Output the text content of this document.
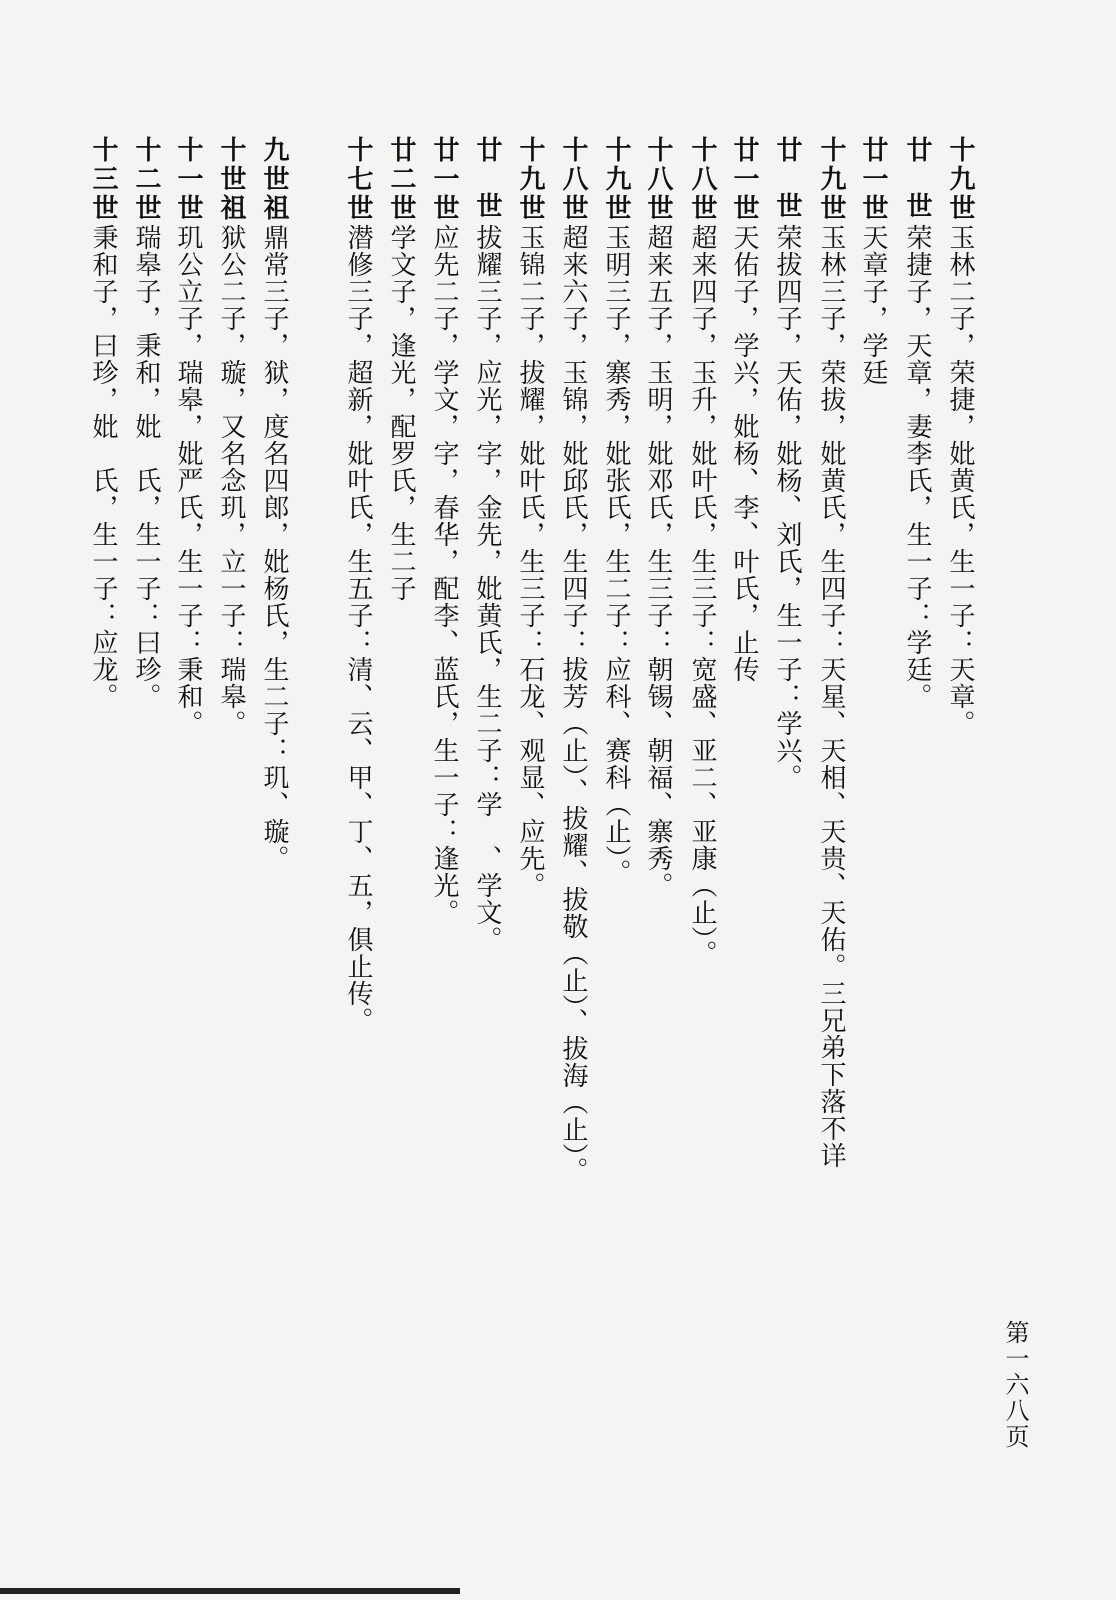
十九世玉林二子，荣捷，妣黄氏，生一子：天章。
廿世荣捷子，天章，妻李氏，生一子：学廷。
廿一世天章子，学廷
廿世荣拔四子，天佑，妣杨、刘氏，生一子：学兴。
十九世玉林三子，荣拔，妣黄氏，生四子：天星、天相、天贵、天佑。三兄弟下落不详
廿一世天佑子，学兴，妣杨、李、叶氏，止传
十八世超来四子，玉升，妣叶氏，生三子：宽盛、亚二、亚康（止）。
十八世超来五子，玉明，妣邓氏，生三子：朝锡、朝福、寨秀。
十九世玉明三子，寨秀，妣张氏，生二子：应科、赛科（止）。
十八世超来六子，玉锦，妣邱氏，生四子：拔芳（止）、拔耀、拔敬（止）、拔海（止）。
十九世玉锦二子，拔耀，妣叶氏，生三子：石龙、观显、应先。
廿世拔耀三子，应光，字，金先，妣黄氏，生二子：学　、学文。
廿一世应先二子，学文，字，春华，配李、蓝氏，生一子：逢光。
廿二世学文子，逢光，配罗氏，生二子
十七世潜修三子，超新，妣叶氏，生五子：清、云、甲、丁、五，俱止传。
九世祖鼎常三子，狱，度名四郎，妣杨氏，生二子：玑、璇。
十世祖狱公二子，璇，又名念玑，立一子：瑞皋。
十一世玑公立子，瑞皋，妣严氏，生一子：秉和。
十二世瑞皋子，秉和，妣　氏，生一子：曰珍。
十三世秉和子，曰珍，妣　氏，生一子：应龙。
第一六八页
